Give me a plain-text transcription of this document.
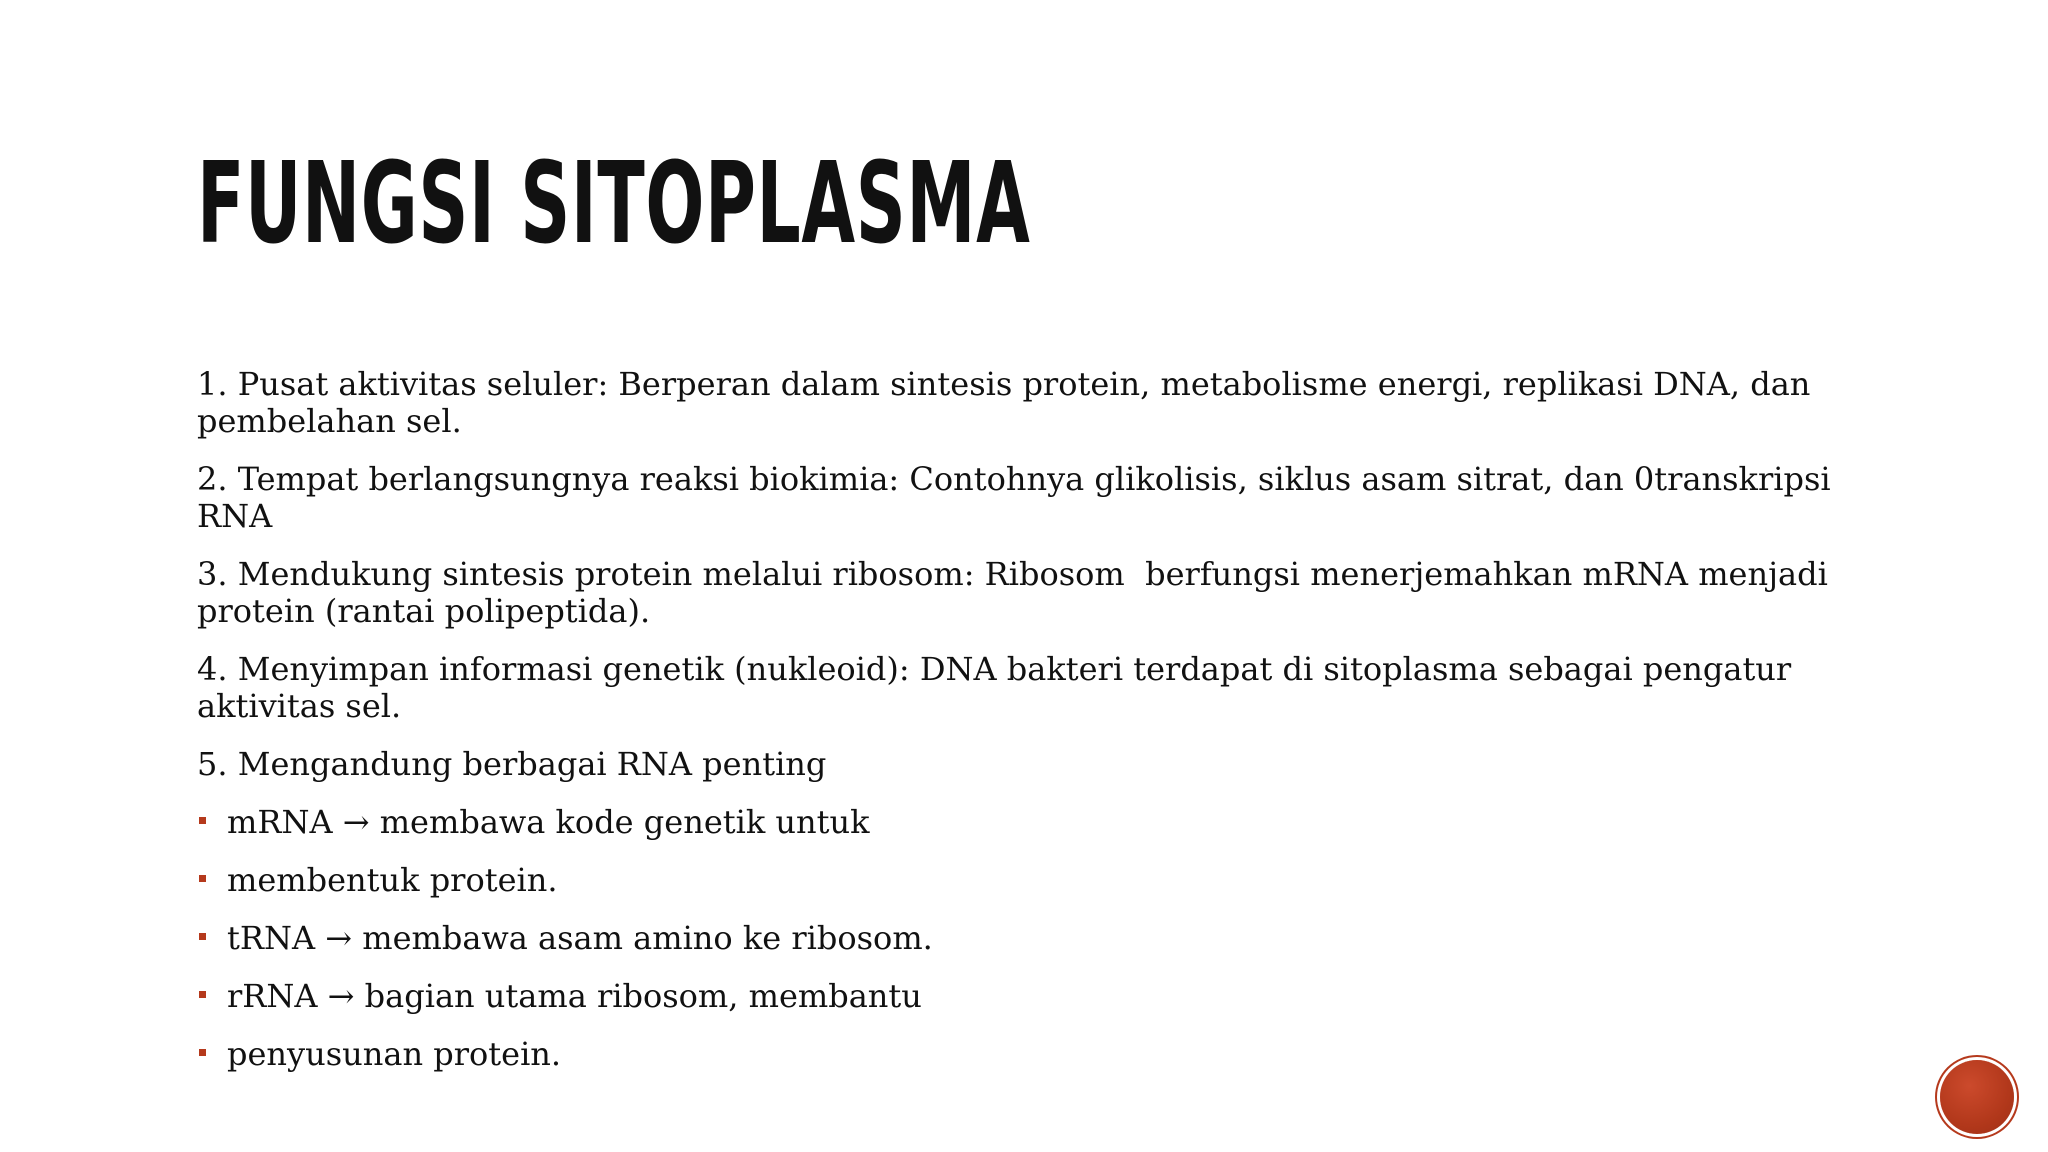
FUNGSI SITOPLASMA

1. Pusat aktivitas seluler: Berperan dalam sintesis protein, metabolisme energi, replikasi DNA, dan pembelahan sel.

2. Tempat berlangsungnya reaksi biokimia: Contohnya glikolisis, siklus asam sitrat, dan 0transkripsi RNA

3. Mendukung sintesis protein melalui ribosom: Ribosom  berfungsi menerjemahkan mRNA menjadi protein (rantai polipeptida).

4. Menyimpan informasi genetik (nukleoid): DNA bakteri terdapat di sitoplasma sebagai pengatur aktivitas sel.

5. Mengandung berbagai RNA penting

mRNA → membawa kode genetik untuk
membentuk protein.
tRNA → membawa asam amino ke ribosom.
rRNA → bagian utama ribosom, membantu
penyusunan protein.
